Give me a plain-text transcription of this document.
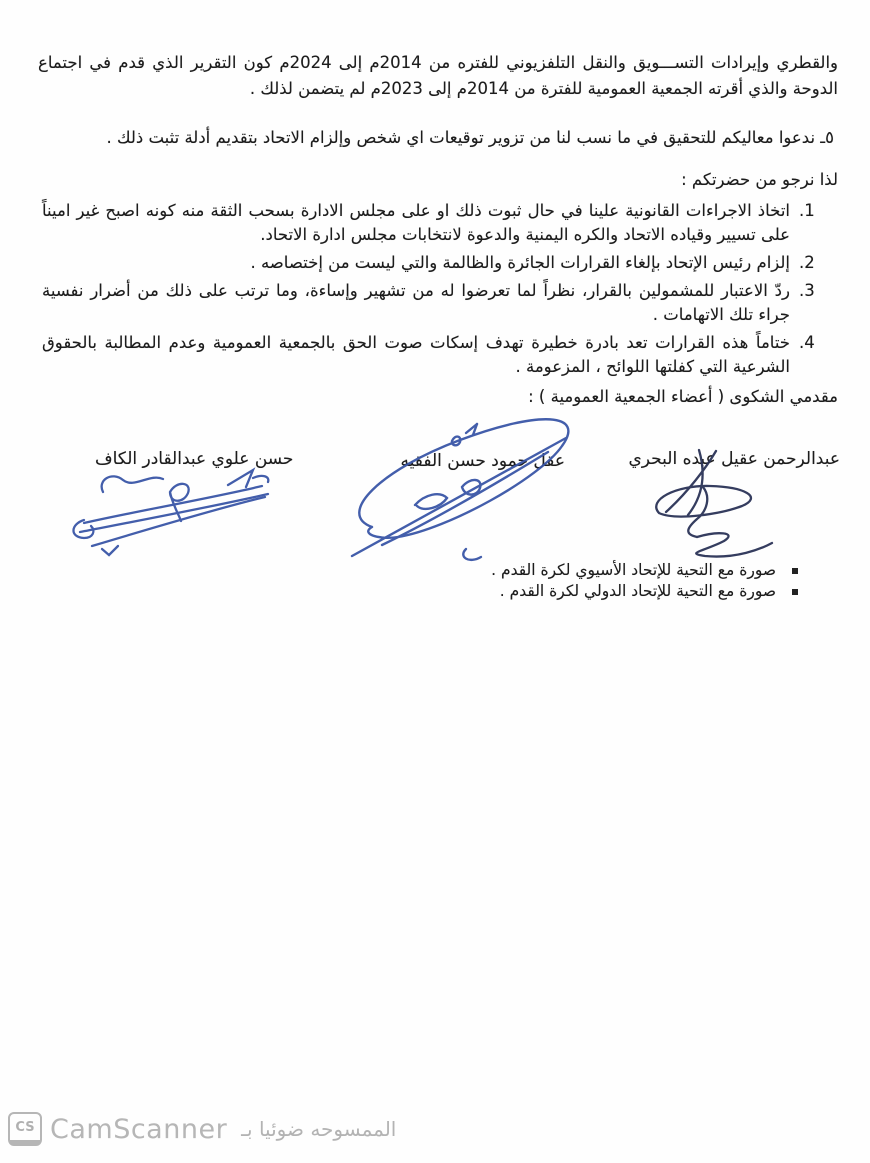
والقطري وإيرادات التســـويق والنقل التلفزيوني للفتره من 2014م إلى 2024م كون التقرير الذي قدم في اجتماع الدوحة والذي أقرته الجمعية العمومية للفترة من 2014م إلى 2023م لم يتضمن لذلك .

٥ـ ندعوا معاليكم للتحقيق في ما نسب لنا من تزوير توقيعات اي شخص وإلزام الاتحاد بتقديم أدلة تثبت ذلك .

لذا نرجو من حضرتكم :

1.
اتخاذ الاجراءات القانونية علينا في حال ثبوت ذلك او على مجلس الادارة بسحب الثقة منه كونه اصبح غير اميناً على تسيير وقياده الاتحاد والكره اليمنية والدعوة لانتخابات مجلس ادارة الاتحاد.
2.
إلزام رئيس الإتحاد بإلغاء القرارات الجائرة والظالمة والتي ليست من إختصاصه .
3.
ردّ الاعتبار للمشمولين بالقرار، نظراً لما تعرضوا له من تشهير وإساءة، وما ترتب على ذلك من أضرار نفسية جراء تلك الاتهامات .
4.
ختاماً هذه القرارات تعد بادرة خطيرة تهدف إسكات صوت الحق بالجمعية العمومية وعدم المطالبة بالحقوق الشرعية التي كفلتها اللوائح ، المزعومة .

مقدمي الشكوى ( أعضاء الجمعية العمومية ) :

عبدالرحمن عقيل عبده البحري
عقل حمود حسن الفقيه
حسن علوي عبدالقادر الكاف
صورة مع التحية للإتحاد الأسيوي لكرة القدم .
صورة مع التحية للإتحاد الدولي لكرة القدم .
CS CamScanner الممسوحه ضوئيا بـ
